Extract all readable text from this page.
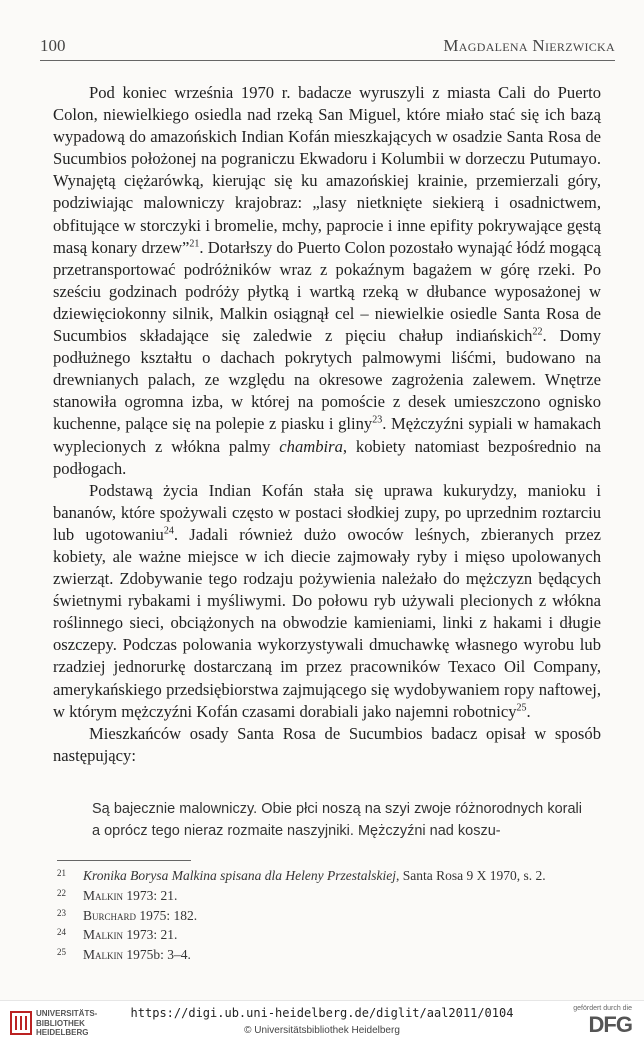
100	Magdalena Nierzwicka

Pod koniec września 1970 r. badacze wyruszyli z miasta Cali do Puerto Colon, niewielkiego osiedla nad rzeką San Miguel, które miało stać się ich bazą wypadową do amazońskich Indian Kofán mieszkających w osadzie Santa Rosa de Sucumbios położonej na pograniczu Ekwadoru i Kolumbii w dorzeczu Putumayo. Wynajętą ciężarówką, kierując się ku amazońskiej krainie, przemierzali góry, podziwiając malowniczy krajobraz: „lasy nietknięte siekierą i osadnictwem, obfitujące w storczyki i bromelie, mchy, paprocie i inne epifity pokrywające gęstą masą konary drzew”$^{21}$. Dotarłszy do Puerto Colon pozostało wynająć łódź mogącą przetransportować podróżników wraz z pokaźnym bagażem w górę rzeki. Po sześciu godzinach podróży płytką i wartką rzeką w dłubance wyposażonej w dziewięciokonny silnik, Malkin osiągnął cel – niewielkie osiedle Santa Rosa de Sucumbios składające się zaledwie z pięciu chałup indiańskich$^{22}$. Domy podłużnego kształtu o dachach pokrytych palmowymi liśćmi, budowano na drewnianych palach, ze względu na okresowe zagrożenia zalewem. Wnętrze stanowiła ogromna izba, w której na pomoście z desek umieszczono ognisko kuchenne, palące się na polepie z piasku i gliny$^{23}$. Mężczyźni sypiali w hamakach wyplecionych z włókna palmy chambira, kobiety natomiast bezpośrednio na podłogach.

Podstawą życia Indian Kofán stała się uprawa kukurydzy, manioku i bananów, które spożywali często w postaci słodkiej zupy, po uprzednim roztarciu lub ugotowaniu$^{24}$. Jadali również dużo owoców leśnych, zbieranych przez kobiety, ale ważne miejsce w ich diecie zajmowały ryby i mięso upolowanych zwierząt. Zdobywanie tego rodzaju pożywienia należało do mężczyzn będących świetnymi rybakami i myśliwymi. Do połowu ryb używali plecionych z włókna roślinnego sieci, obciążonych na obwodzie kamieniami, linki z hakami i długie oszczepy. Podczas polowania wykorzystywali dmuchawkę własnego wyrobu lub rzadziej jednorurkę dostarczaną im przez pracowników Texaco Oil Company, amerykańskiego przedsiębiorstwa zajmującego się wydobywaniem ropy naftowej, w którym mężczyźni Kofán czasami dorabiali jako najemni robotnicy$^{25}$.

Mieszkańców osady Santa Rosa de Sucumbios badacz opisał w sposób następujący:

Są bajecznie malowniczy. Obie płci noszą na szyi zwoje różnorodnych korali a oprócz tego nieraz rozmaite naszyjniki. Mężczyźni nad koszu-

21 Kronika Borysa Malkina spisana dla Heleny Przestalskiej, Santa Rosa 9 X 1970, s. 2.
22 Malkin 1973: 21.
23 Burchard 1975: 182.
24 Malkin 1973: 21.
25 Malkin 1975b: 3–4.
UNIVERSITÄTS-
BIBLIOTHEK
HEIDELBERG
https://digi.ub.uni-heidelberg.de/diglit/aal2011/0104
© Universitätsbibliothek Heidelberg
gefördert durch die
DFG
